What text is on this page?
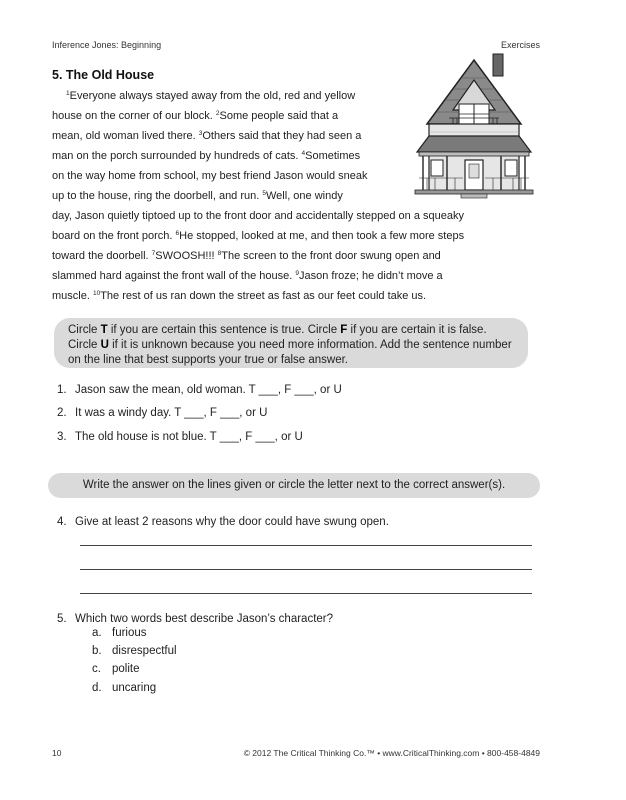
Inference Jones: Beginning	Exercises
5. The Old House
$^1$Everyone always stayed away from the old, red and yellow
house on the corner of our block. $^2$Some people said that a
mean, old woman lived there. $^3$Others said that they had seen a
man on the porch surrounded by hundreds of cats. $^4$Sometimes
on the way home from school, my best friend Jason would sneak
up to the house, ring the doorbell, and run. $^5$Well, one windy
day, Jason quietly tiptoed up to the front door and accidentally stepped on a squeaky
board on the front porch. $^6$He stopped, looked at me, and then took a few more steps
toward the doorbell. $^7$SWOOSH!!! $^8$The screen to the front door swung open and
slammed hard against the front wall of the house. $^9$Jason froze; he didn’t move a
muscle. $^{10}$The rest of us ran down the street as fast as our feet could take us.

Circle T if you are certain this sentence is true. Circle F if you are certain it is false. Circle U if it is unknown because you need more information. Add the sentence number on the line that best supports your true or false answer.

1. Jason saw the mean, old woman. T ___, F ___, or U
2. It was a windy day. T ___, F ___, or U
3. The old house is not blue. T ___, F ___, or U
Write the answer on the lines given or circle the letter next to the correct answer(s).
4. Give at least 2 reasons why the door could have swung open.
5. Which two words best describe Jason’s character?
a. furious
b. disrespectful
c. polite
d. uncaring
10	© 2012 The Critical Thinking Co.™ • www.CriticalThinking.com • 800-458-4849
